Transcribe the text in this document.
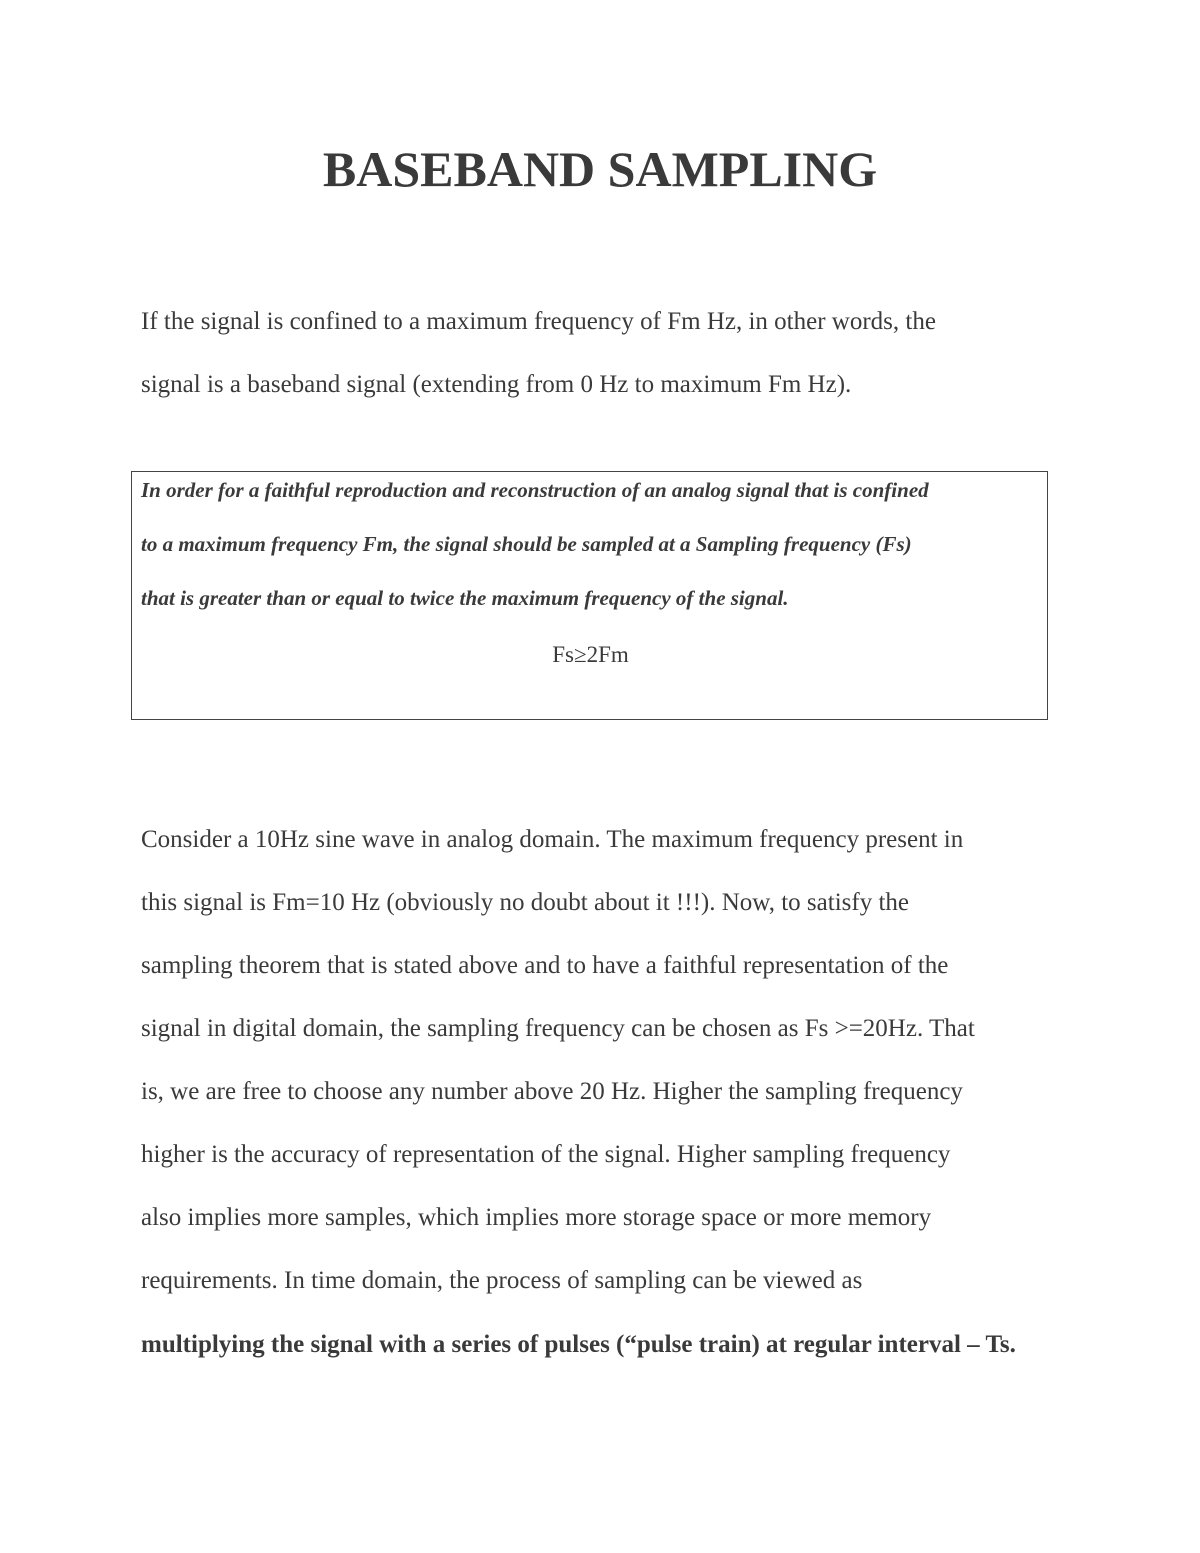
BASEBAND SAMPLING
If the signal is confined to a maximum frequency of Fm Hz, in other words, the
signal is a baseband signal (extending from 0 Hz to maximum Fm Hz).
In order for a faithful reproduction and reconstruction of an analog signal that is confined
to a maximum frequency Fm, the signal should be sampled at a Sampling frequency (Fs)
that is greater than or equal to twice the maximum frequency of the signal.
Fs≥2Fm
Consider a 10Hz sine wave in analog domain. The maximum frequency present in
this signal is Fm=10 Hz (obviously no doubt about it !!!). Now, to satisfy the
sampling theorem that is stated above and to have a faithful representation of the
signal in digital domain, the sampling frequency can be chosen as Fs >=20Hz. That
is, we are free to choose any number above 20 Hz. Higher the sampling frequency
higher is the accuracy of representation of the signal. Higher sampling frequency
also implies more samples, which implies more storage space or more memory
requirements. In time domain, the process of sampling can be viewed as
multiplying the signal with a series of pulses (“pulse train) at regular interval – Ts.
